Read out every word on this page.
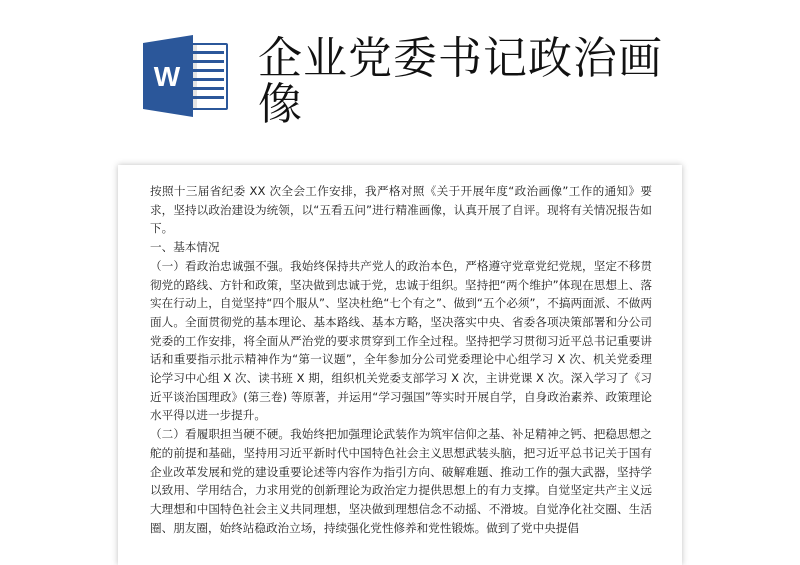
W 企业党委书记政治画像

按照十三届省纪委 XX 次全会工作安排，我严格对照《关于开展年度“政治画像”工作的通知》要求，坚持以政治建设为统领，以“五看五问”进行精准画像，认真开展了自评。现将有关情况报告如下。

一、基本情况

（一）看政治忠诚强不强。我始终保持共产党人的政治本色，严格遵守党章党纪党规，坚定不移贯彻党的路线、方针和政策，坚决做到忠诚于党，忠诚于组织。坚持把“两个维护”体现在思想上、落实在行动上，自觉坚持“四个服从”、坚决杜绝“七个有之”、做到“五个必须”，不搞两面派、不做两面人。全面贯彻党的基本理论、基本路线、基本方略，坚决落实中央、省委各项决策部署和分公司党委的工作安排，将全面从严治党的要求贯穿到工作全过程。坚持把学习贯彻习近平总书记重要讲话和重要指示批示精神作为“第一议题”，全年参加分公司党委理论中心组学习 X 次、机关党委理论学习中心组 X 次、读书班 X 期，组织机关党委支部学习 X 次，主讲党课 X 次。深入学习了《习近平谈治国理政》(第三卷) 等原著，并运用“学习强国”等实时开展自学，自身政治素养、政策理论水平得以进一步提升。

（二）看履职担当硬不硬。我始终把加强理论武装作为筑牢信仰之基、补足精神之钙、把稳思想之舵的前提和基础，坚持用习近平新时代中国特色社会主义思想武装头脑，把习近平总书记关于国有企业改革发展和党的建设重要论述等内容作为指引方向、破解难题、推动工作的强大武器，坚持学以致用、学用结合，力求用党的创新理论为政治定力提供思想上的有力支撑。自觉坚定共产主义远大理想和中国特色社会主义共同理想，坚决做到理想信念不动摇、不滑坡。自觉净化社交圈、生活圈、朋友圈，始终站稳政治立场，持续强化党性修养和党性锻炼。做到了党中央提倡
